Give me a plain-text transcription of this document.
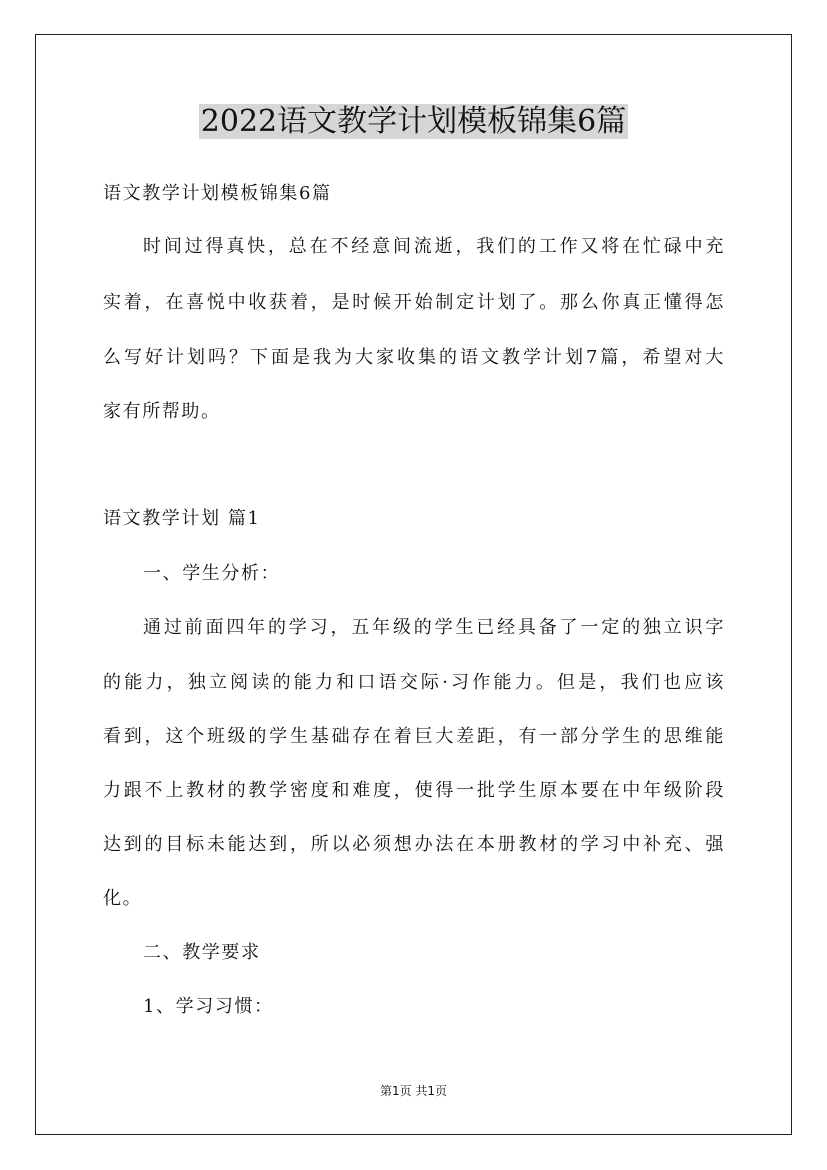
2022语文教学计划模板锦集6篇

语文教学计划模板锦集6篇

时间过得真快，总在不经意间流逝，我们的工作又将在忙碌中充

实着，在喜悦中收获着，是时候开始制定计划了。那么你真正懂得怎

么写好计划吗？下面是我为大家收集的语文教学计划7篇，希望对大

家有所帮助。

语文教学计划 篇1

一、学生分析：

通过前面四年的学习，五年级的学生已经具备了一定的独立识字

的能力，独立阅读的能力和口语交际·习作能力。但是，我们也应该

看到，这个班级的学生基础存在着巨大差距，有一部分学生的思维能

力跟不上教材的教学密度和难度，使得一批学生原本要在中年级阶段

达到的目标未能达到，所以必须想办法在本册教材的学习中补充、强

化。

二、教学要求

1、学习习惯：

第1页 共1页
